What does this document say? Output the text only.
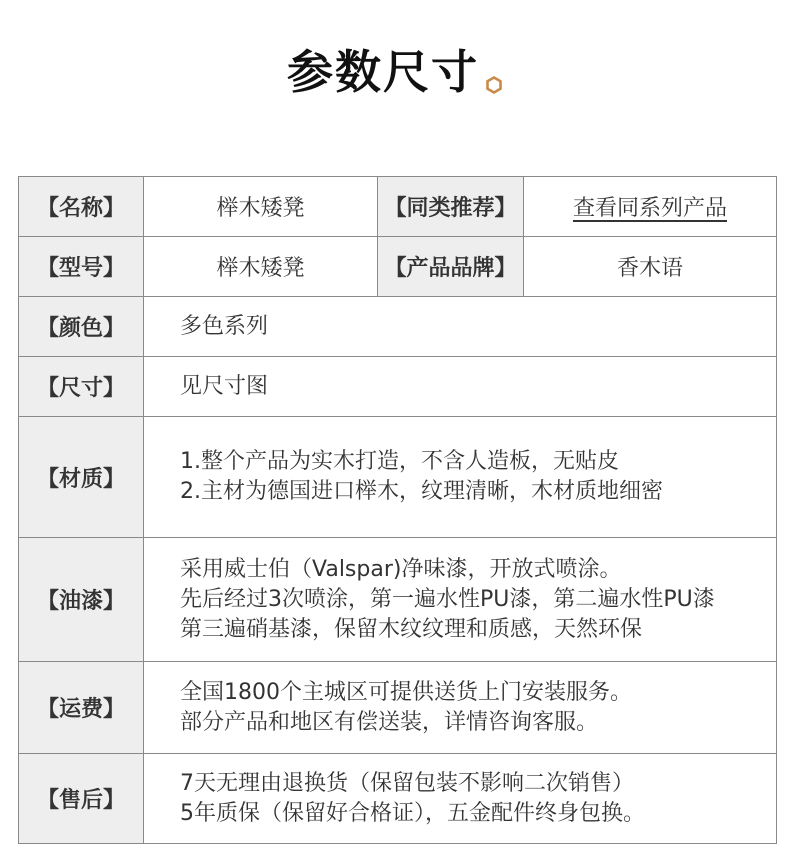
参数尺寸
【名称】	榉木矮凳	【同类推荐】	查看同系列产品
【型号】	榉木矮凳	【产品品牌】	香木语
【颜色】	多色系列		
【尺寸】	见尺寸图		
【材质】	1.整个产品为实木打造，不含人造板，无贴皮
2.主材为德国进口榉木，纹理清晰，木材质地细密		

【油漆】	采用威士伯（Valspar)净味漆，开放式喷涂。
先后经过3次喷涂，第一遍水性PU漆，第二遍水性PU漆
第三遍硝基漆，保留木纹纹理和质感，天然环保		

【运费】	全国1800个主城区可提供送货上门安装服务。
部分产品和地区有偿送装，详情咨询客服。		

【售后】	7天无理由退换货（保留包装不影响二次销售）
5年质保（保留好合格证），五金配件终身包换。		
